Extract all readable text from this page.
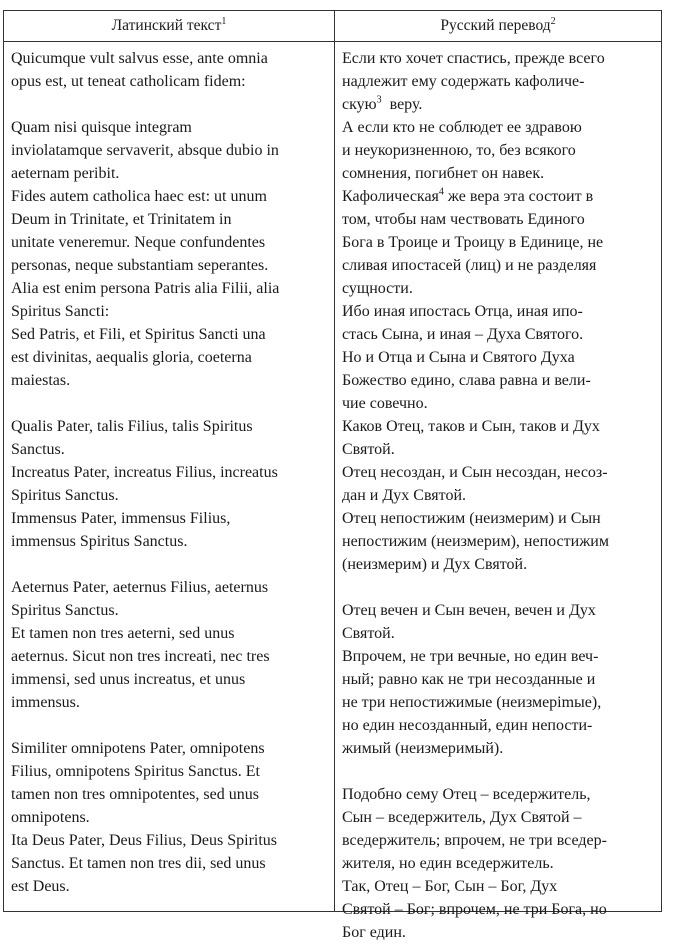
Латинский текст$^1$	Русский перевод$^2$
Quicumque vult salvus esse, ante omnia
opus est, ut teneat catholicam fidem:
Quam nisi quisque integram
inviolatamque servaverit, absque dubio in
aeternam peribit.
Fides autem catholica haec est: ut unum
Deum in Trinitate, et Trinitatem in
unitate veneremur. Neque confundentes
personas, neque substantiam seperantes.
Alia est enim persona Patris alia Filii, alia
Spiritus Sancti:
Sed Patris, et Fili, et Spiritus Sancti una
est divinitas, aequalis gloria, coeterna
maiestas.
Qualis Pater, talis Filius, talis Spiritus
Sanctus.
Increatus Pater, increatus Filius, increatus
Spiritus Sanctus.
Immensus Pater, immensus Filius,
immensus Spiritus Sanctus.
Aeternus Pater, aeternus Filius, aeternus
Spiritus Sanctus.
Et tamen non tres aeterni, sed unus
aeternus. Sicut non tres increati, nec tres
immensi, sed unus increatus, et unus
immensus.
Similiter omnipotens Pater, omnipotens
Filius, omnipotens Spiritus Sanctus. Et
tamen non tres omnipotentes, sed unus
omnipotens.
Ita Deus Pater, Deus Filius, Deus Spiritus
Sanctus. Et tamen non tres dii, sed unus
est Deus.
Если кто хочет спастись, прежде всего
надлежит ему содержать кафоличе-
скую$^3$  веру.
А если кто не соблюдет ее здравою
и неукоризненною, то, без всякого
сомнения, погибнет он навек.
Кафолическая$^4$ же вера эта состоит в
том, чтобы нам чествовать Единого
Бога в Троице и Троицу в Единице, не
сливая ипостасей (лиц) и не разделяя
сущности.
Ибо иная ипостась Отца, иная ипо-
стась Сына, и иная – Духа Святого.
Но и Отца и Сына и Святого Духа
Божество едино, слава равна и вели-
чие совечно.
Каков Отец, таков и Сын, таков и Дух
Святой.
Отец несоздан, и Сын несоздан, несоз-
дан и Дух Святой.
Отец непостижим (неизмерим) и Сын
непостижим (неизмерим), непостижим
(неизмерим) и Дух Святой.
Отец вечен и Сын вечен, вечен и Дух
Святой.
Впрочем, не три вечные, но един веч-
ный; равно как не три несозданные и
не три непостижимые (неизмерimые),
но един несозданный, един непости-
жимый (неизмеримый).
Подобно сему Отец – вседержитель,
Сын – вседержитель, Дух Святой –
вседержитель; впрочем, не три вседер-
жителя, но един вседержитель.
Так, Отец – Бог, Сын – Бог, Дух
Святой – Бог; впрочем, не три Бога, но
Бог един.
